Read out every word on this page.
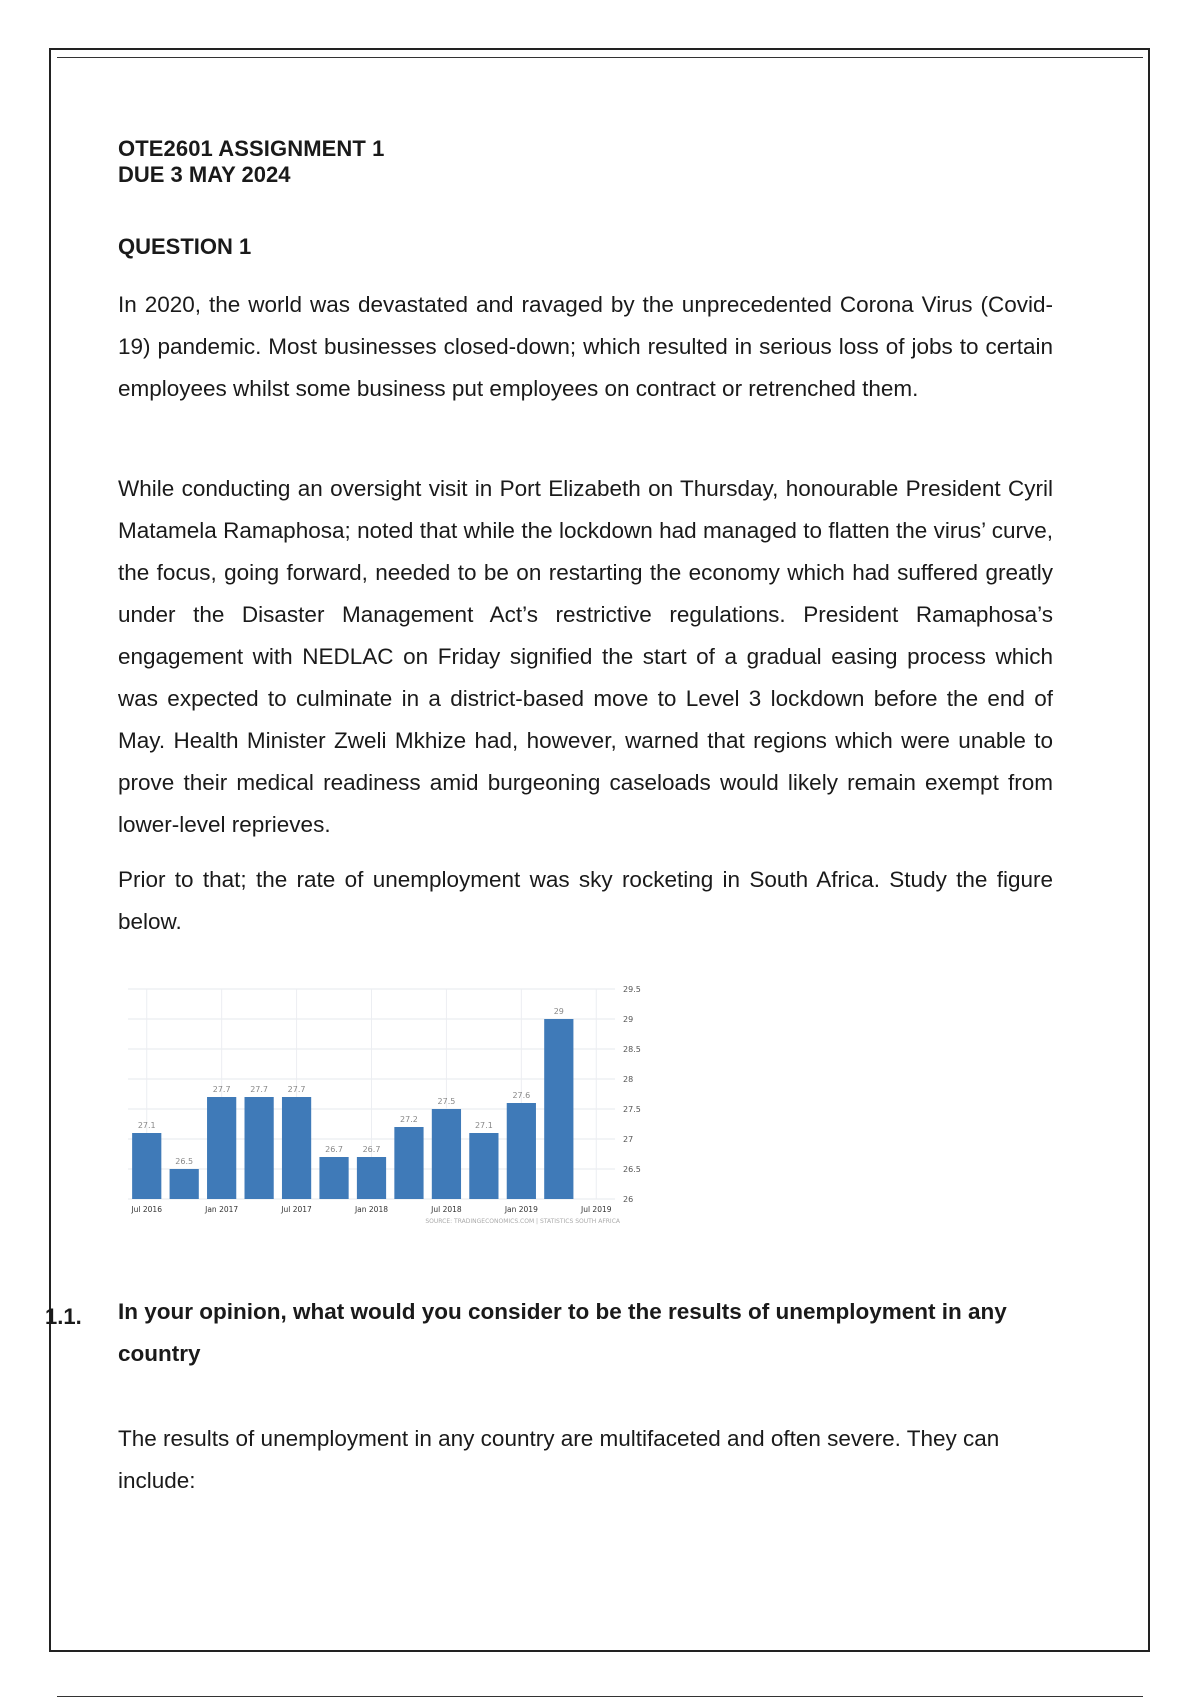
OTE2601 ASSIGNMENT 1
DUE 3 MAY 2024
QUESTION 1

In 2020, the world was devastated and ravaged by the unprecedented Corona Virus (Covid-19) pandemic. Most businesses closed-down; which resulted in serious loss of jobs to certain employees whilst some business put employees on contract or retrenched them.

While conducting an oversight visit in Port Elizabeth on Thursday, honourable President Cyril Matamela Ramaphosa; noted that while the lockdown had managed to flatten the virus’ curve, the focus, going forward, needed to be on restarting the economy which had suffered greatly under the Disaster Management Act’s restrictive regulations. President Ramaphosa’s engagement with NEDLAC on Friday signified the start of a gradual easing process which was expected to culminate in a district-based move to Level 3 lockdown before the end of May. Health Minister Zweli Mkhize had, however, warned that regions which were unable to prove their medical readiness amid burgeoning caseloads would likely remain exempt from lower-level reprieves.

Prior to that; the rate of unemployment was sky rocketing in South Africa. Study the figure below.

29.5
29
28.5
28
27.5
27
26.5
26
27.1
26.5
27.7 27.7 27.7
26.7 26.7
27.2
27.5
27.1
27.6
29
Jul 2016	Jan 2017	Jul 2017	Jan 2018	Jul 2018	Jan 2019	Jul 2019
SOURCE: TRADINGECONOMICS.COM | STATISTICS SOUTH AFRICA
1.1. In your opinion, what would you consider to be the results of unemployment in any country

The results of unemployment in any country are multifaceted and often severe. They can include:
